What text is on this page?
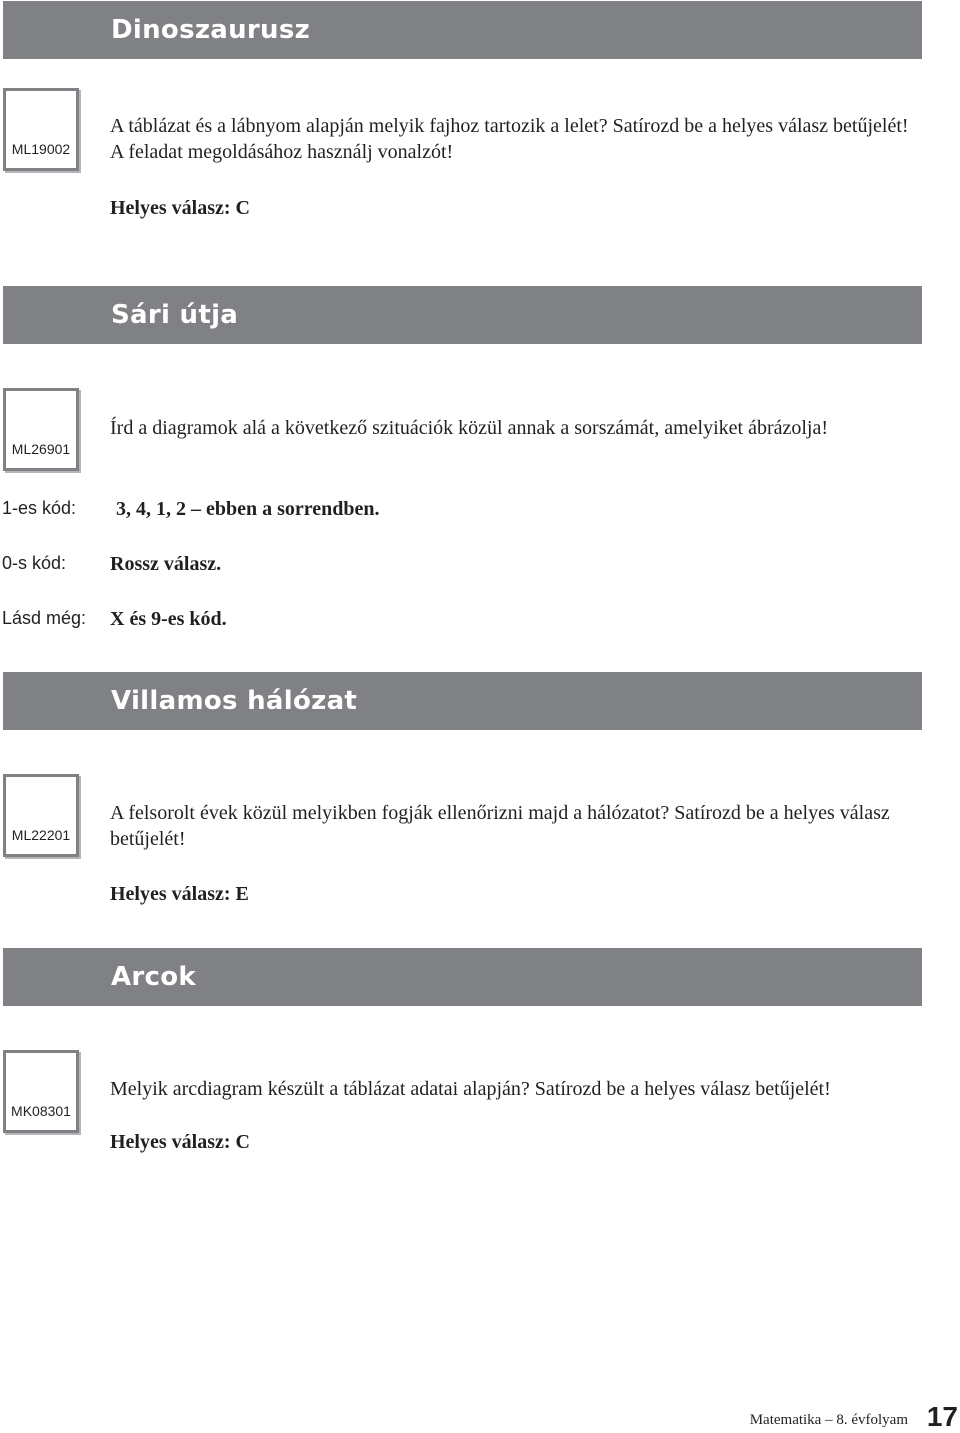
Dinoszaurusz
ML19002
A táblázat és a lábnyom alapján melyik fajhoz tartozik a lelet? Satírozd be a helyes válasz betűjelét! A feladat megoldásához használj vonalzót!
Helyes válasz: C
Sári útja
ML26901
Írd a diagramok alá a következő szituációk közül annak a sorszámát, amelyiket ábrázolja!
1-es kód: 3, 4, 1, 2 – ebben a sorrendben.
0-s kód: Rossz válasz.
Lásd még: X és 9-es kód.
Villamos hálózat
ML22201
A felsorolt évek közül melyikben fogják ellenőrizni majd a hálózatot? Satírozd be a helyes válasz betűjelét!
Helyes válasz: E
Arcok
MK08301
Melyik arcdiagram készült a táblázat adatai alapján? Satírozd be a helyes válasz betűjelét!
Helyes válasz: C
Matematika – 8. évfolyam 17
